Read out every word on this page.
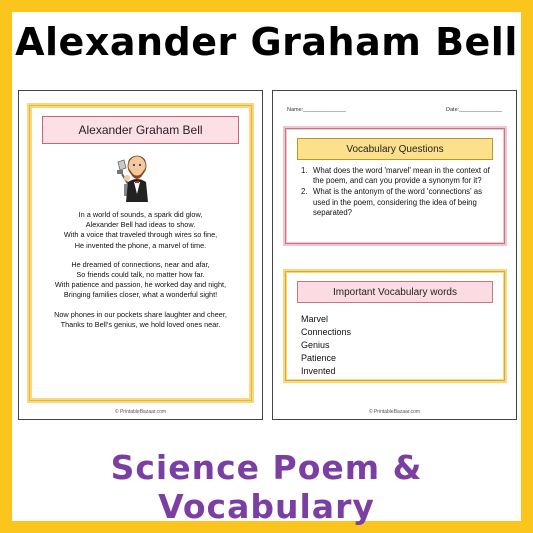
Alexander Graham Bell
Alexander Graham Bell
In a world of sounds, a spark did glow,
Alexander Bell had ideas to show.
With a voice that traveled through wires so fine,
He invented the phone, a marvel of time.
He dreamed of connections, near and afar,
So friends could talk, no matter how far.
With patience and passion, he worked day and night,
Bringing families closer, what a wonderful sight!
Now phones in our pockets share laughter and cheer,
Thanks to Bell’s genius, we hold loved ones near.
© PrintableBazaar.com
Name:______________	Date:______________
Vocabulary Questions
1. What does the word 'marvel' mean in the context of the poem, and can you provide a synonym for it?
2. What is the antonym of the word 'connections' as used in the poem, considering the idea of being separated?
Important Vocabulary words
Marvel
Connections
Genius
Patience
Invented
© PrintableBazaar.com
Science Poem & Vocabulary
